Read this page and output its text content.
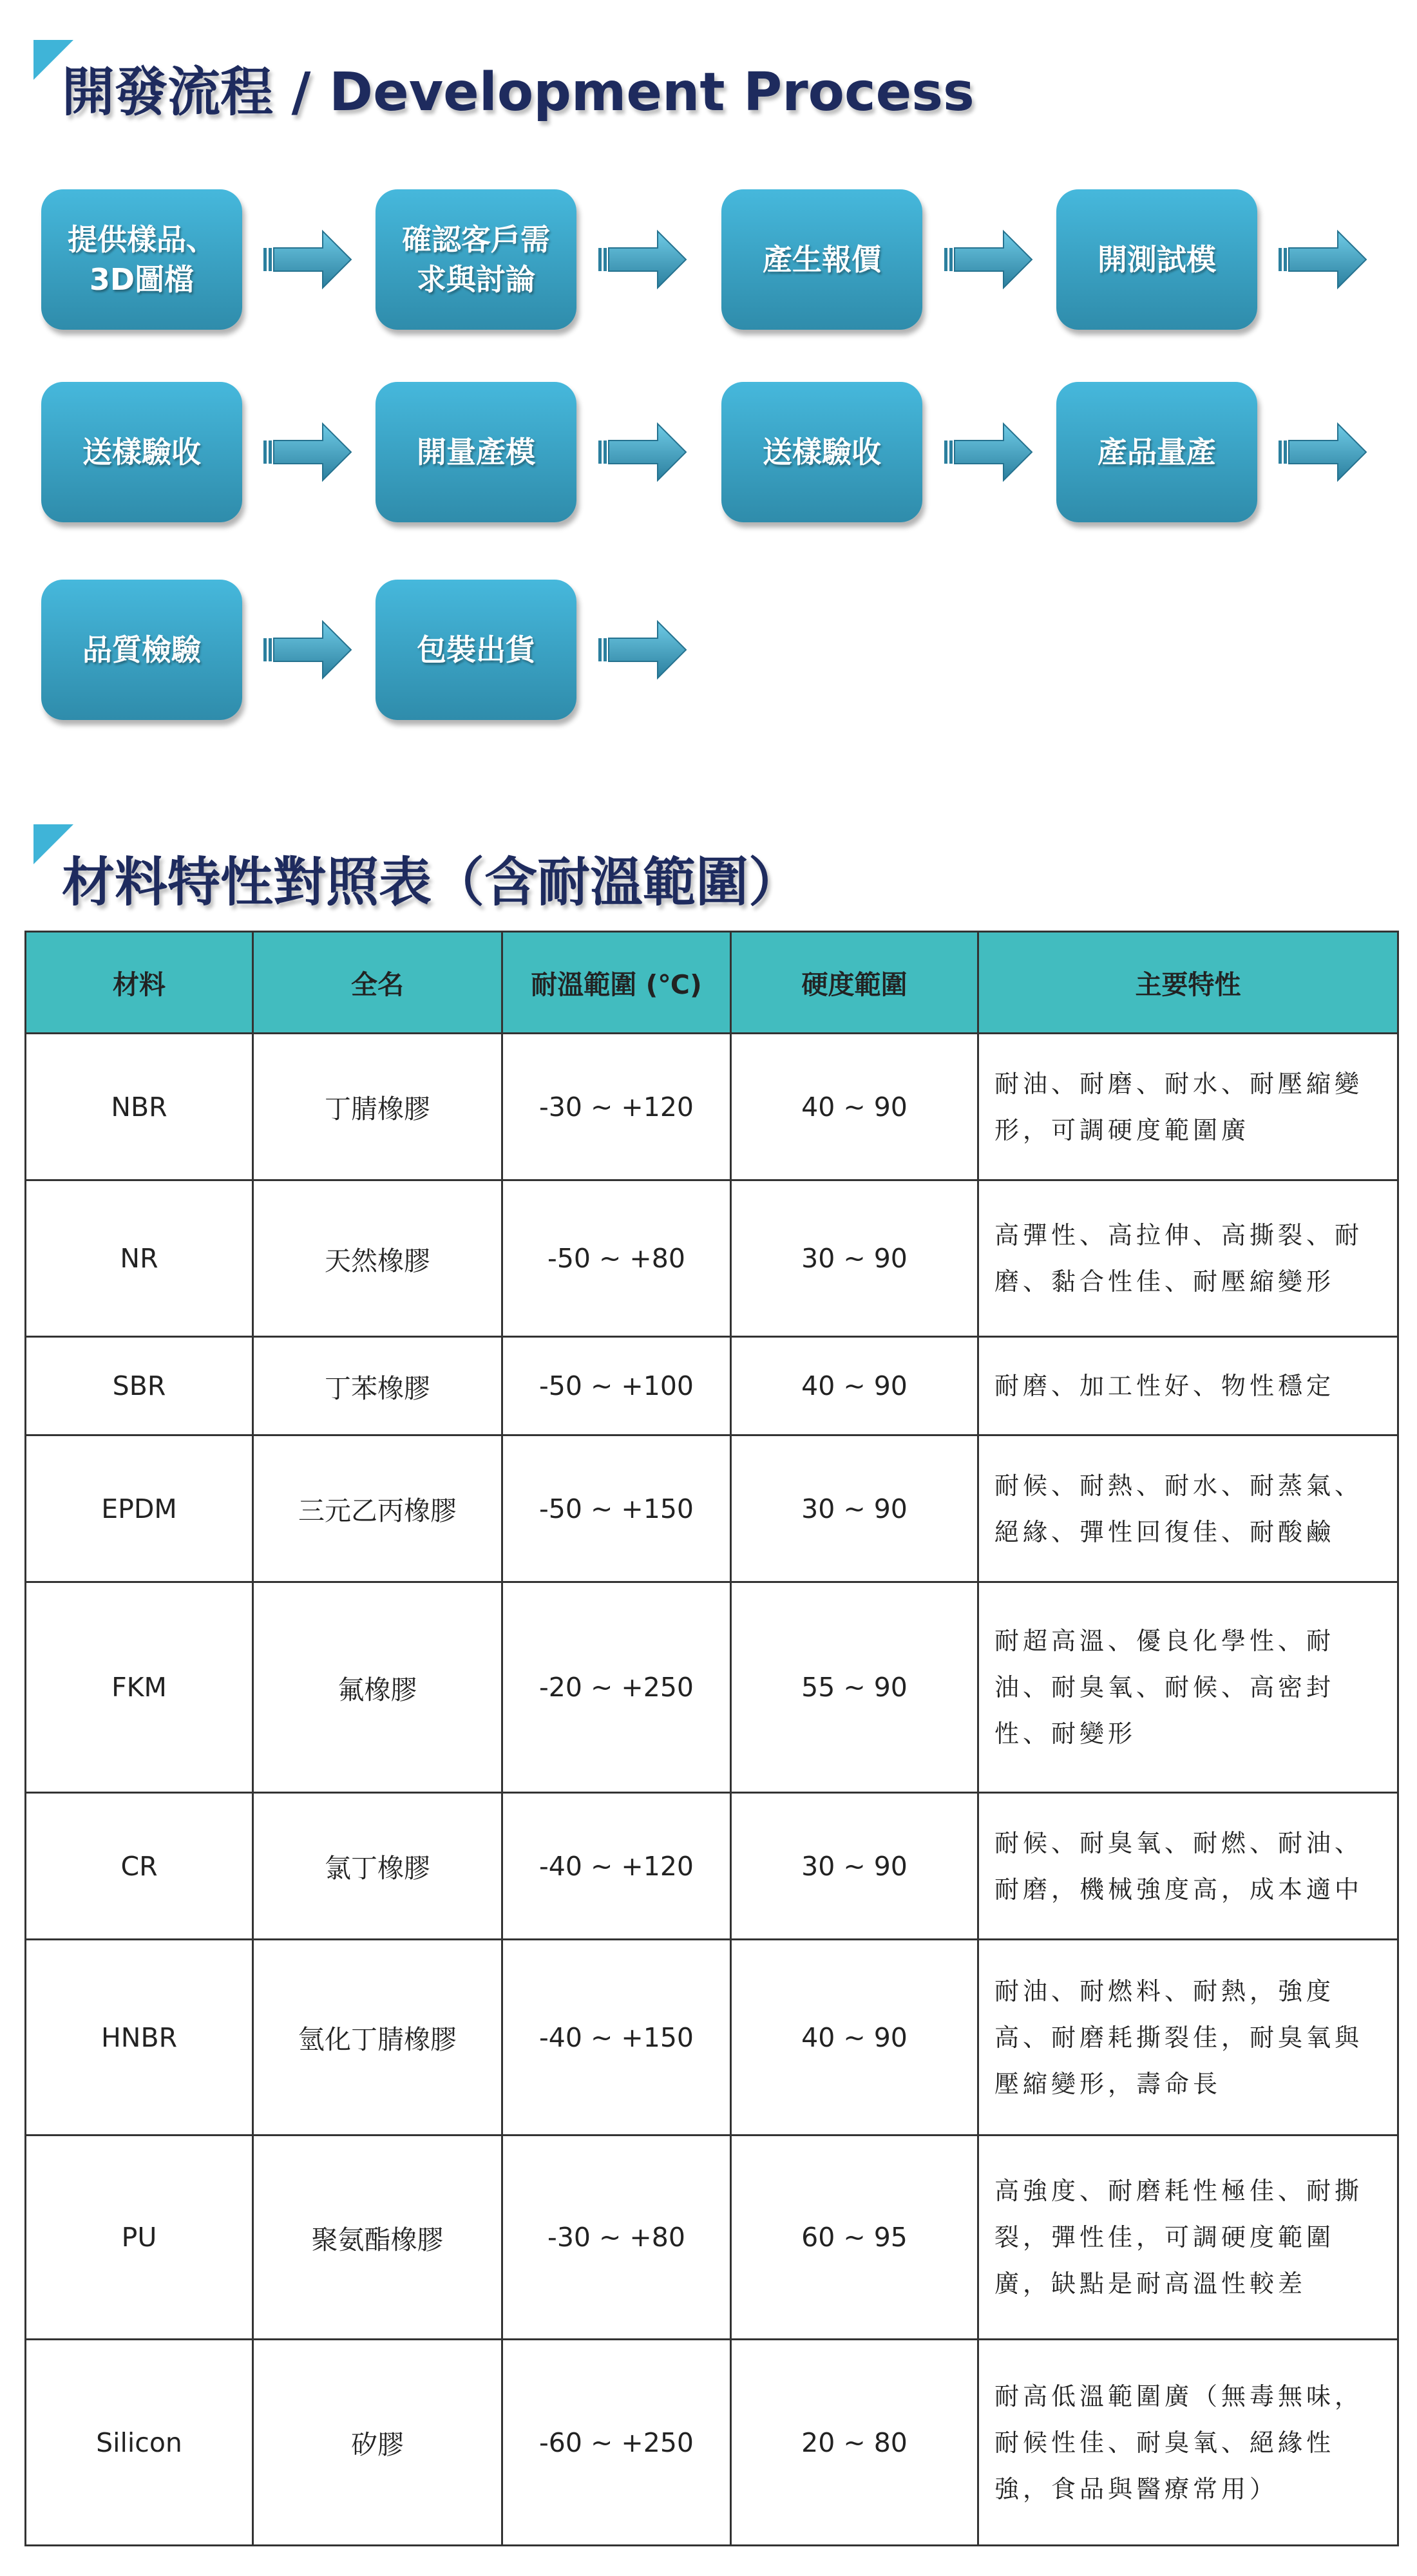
開發流程 / Development Process
提供樣品、
3D圖檔
確認客戶需
求與討論
產生報價	開測試模
送樣驗收	開量產模	送樣驗收	產品量產
品質檢驗	包裝出貨
材料特性對照表（含耐溫範圍）
材料	全名	耐溫範圍 (℃)	硬度範圍	主要特性
NBR	丁腈橡膠	-30 ~ +120	40 ~ 90	耐油、耐磨、耐水、耐壓縮變形，可調硬度範圍廣
NR	天然橡膠	-50 ~ +80	30 ~ 90	高彈性、高拉伸、高撕裂、耐磨、黏合性佳、耐壓縮變形
SBR	丁苯橡膠	-50 ~ +100	40 ~ 90	耐磨、加工性好、物性穩定
EPDM	三元乙丙橡膠	-50 ~ +150	30 ~ 90	耐候、耐熱、耐水、耐蒸氣、絕緣、彈性回復佳、耐酸鹼
FKM	氟橡膠	-20 ~ +250	55 ~ 90	耐超高溫、優良化學性、耐油、耐臭氧、耐候、高密封性、耐變形
CR	氯丁橡膠	-40 ~ +120	30 ~ 90	耐候、耐臭氧、耐燃、耐油、耐磨，機械強度高，成本適中
HNBR	氫化丁腈橡膠	-40 ~ +150	40 ~ 90	耐油、耐燃料、耐熱，強度高、耐磨耗撕裂佳，耐臭氧與壓縮變形，壽命長
PU	聚氨酯橡膠	-30 ~ +80	60 ~ 95	高強度、耐磨耗性極佳、耐撕裂，彈性佳，可調硬度範圍廣，缺點是耐高溫性較差
Silicon	矽膠	-60 ~ +250	20 ~ 80	耐高低溫範圍廣（無毒無味，耐候性佳、耐臭氧、絕緣性強，食品與醫療常用）
